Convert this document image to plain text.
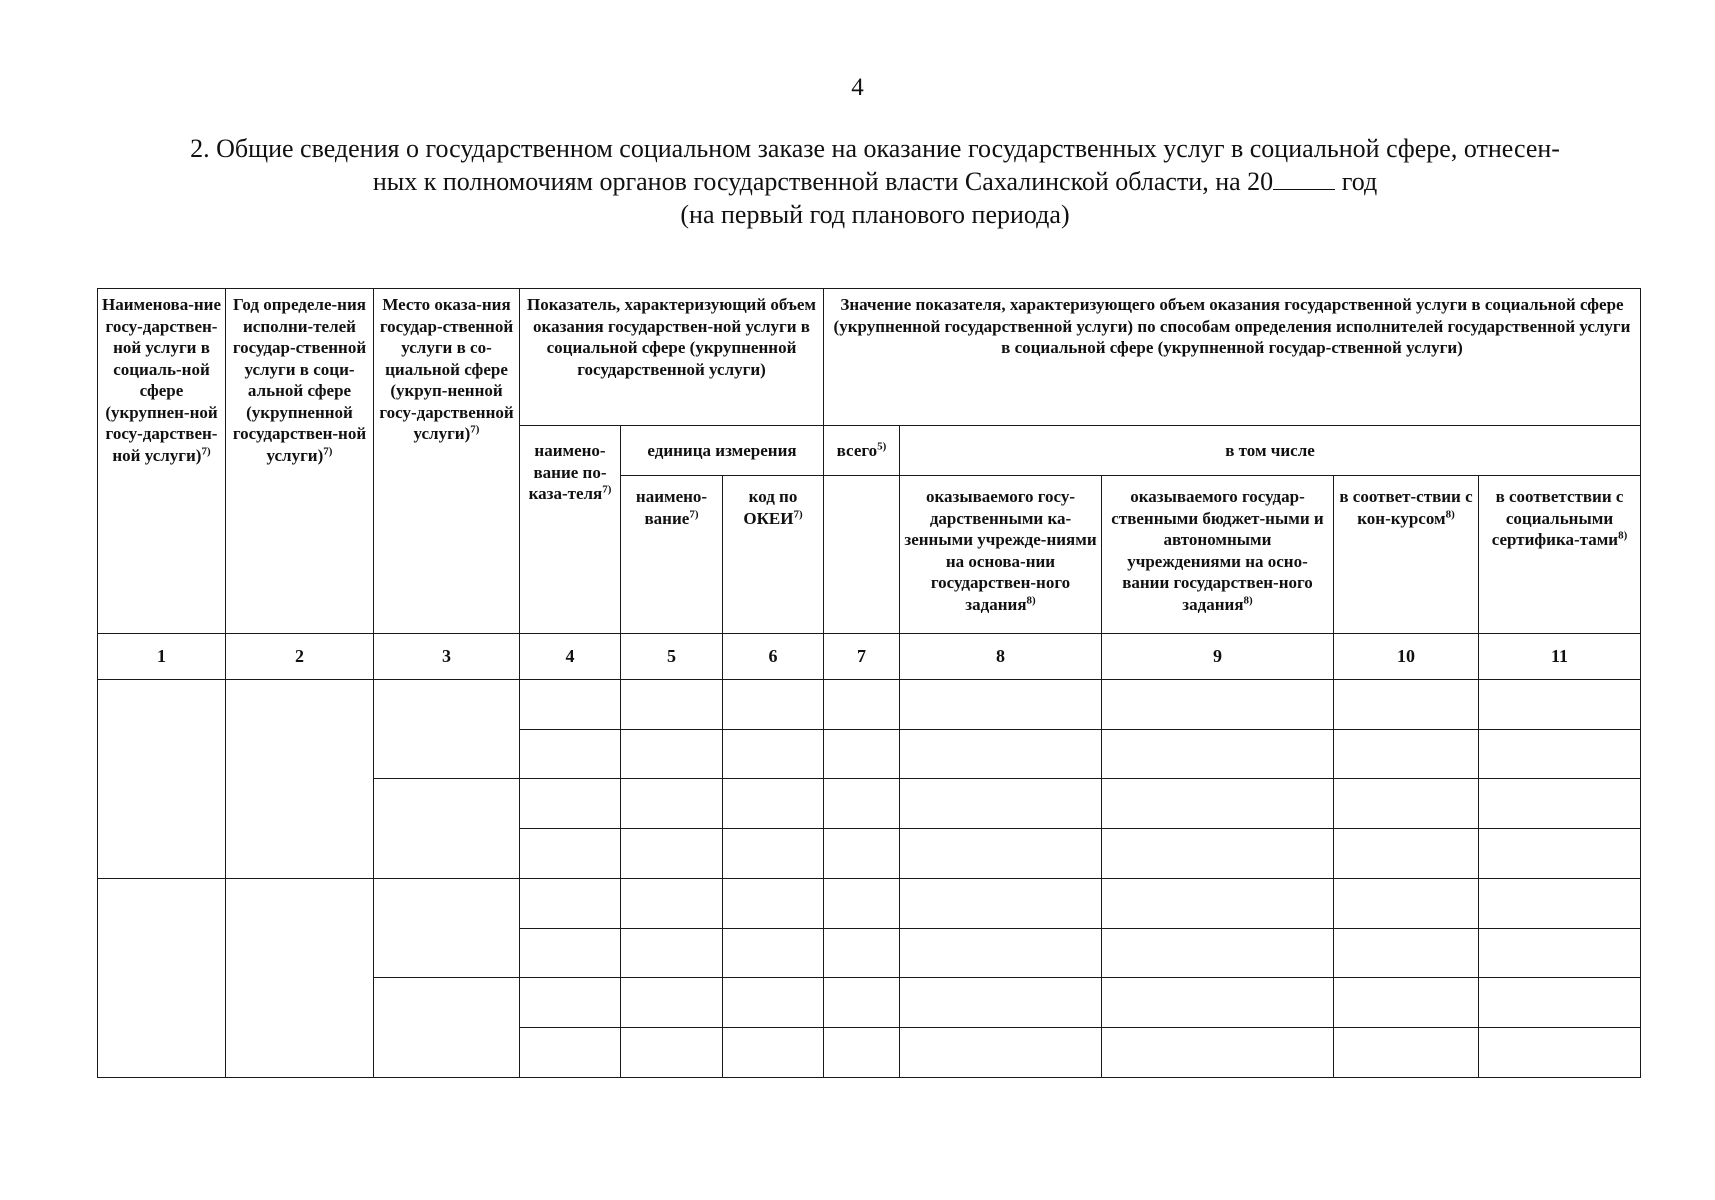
4
2. Общие сведения о государственном социальном заказе на оказание государственных услуг в социальной сфере, отнесен-
ных к полномочиям органов государственной власти Сахалинской области, на 20	год
(на первый год планового периода)
Наименова-ние госу-дарствен-ной услуги в социаль-ной сфере (укрупнен-ной госу-дарствен-ной услуги)$^{7)}$	Год определе-ния исполни-телей государ-ственной услуги в соци-альной сфере (укрупненной государствен-ной услуги)$^{7)}$	Место оказа-ния государ-ственной услуги в со-циальной сфере (укруп-ненной госу-дарственной услуги)$^{7)}$	Показатель, характеризующий объем оказания государствен-ной услуги в социальной сфере (укрупненной государственной услуги)			Значение показателя, характеризующего объем оказания государственной услуги в социальной сфере (укрупненной государственной услуги) по способам определения исполнителей государственной услуги в социальной сфере (укрупненной государ-ственной услуги)				

			наимено-вание по-каза-теля$^{7)}$	единица измерения		всего$^{5)}$	в том числе			

				наимено-вание$^{7)}$	код по ОКЕИ$^{7)}$		оказываемого госу-дарственными ка-зенными учрежде-ниями на основа-нии государствен-ного задания$^{8)}$	оказываемого государ-ственными бюджет-ными и автономными учреждениями на осно-вании государствен-ного задания$^{8)}$	в соответ-ствии с кон-курсом$^{8)}$	в соответствии с социальными сертифика-тами$^{8)}$

1	2	3	4	5	6	7	8	9	10	11
